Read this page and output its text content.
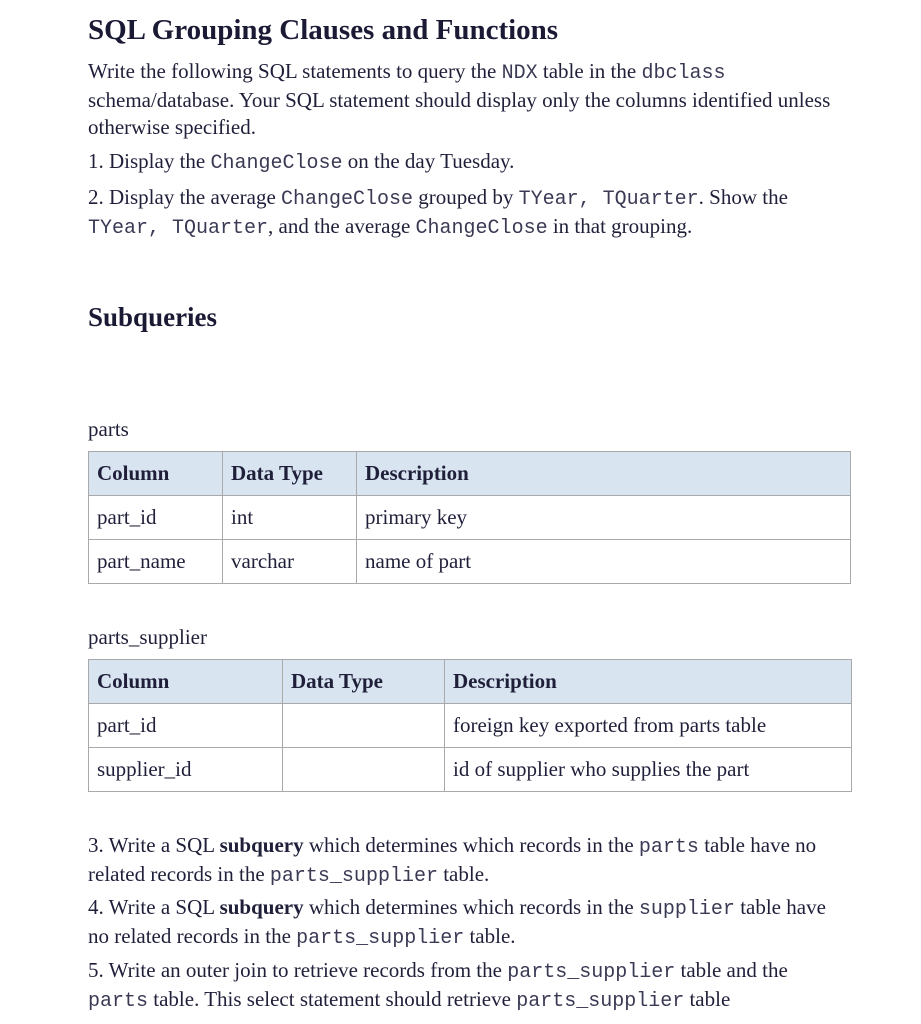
SQL Grouping Clauses and Functions

Write the following SQL statements to query the NDX table in the dbclass schema/database. Your SQL statement should display only the columns identified unless otherwise specified.

1. Display the ChangeClose on the day Tuesday.

2. Display the average ChangeClose grouped by TYear, TQuarter. Show the TYear, TQuarter, and the average ChangeClose in that grouping.

Subqueries

parts

Column	Data Type	Description
part_id	int	primary key
part_name	varchar	name of part

parts_supplier

Column	Data Type	Description
part_id		foreign key exported from parts table
supplier_id		id of supplier who supplies the part

3. Write a SQL subquery which determines which records in the parts table have no related records in the parts_supplier table.

4. Write a SQL subquery which determines which records in the supplier table have no related records in the parts_supplier table.

5. Write an outer join to retrieve records from the parts_supplier table and the parts table. This select statement should retrieve parts_supplier table
